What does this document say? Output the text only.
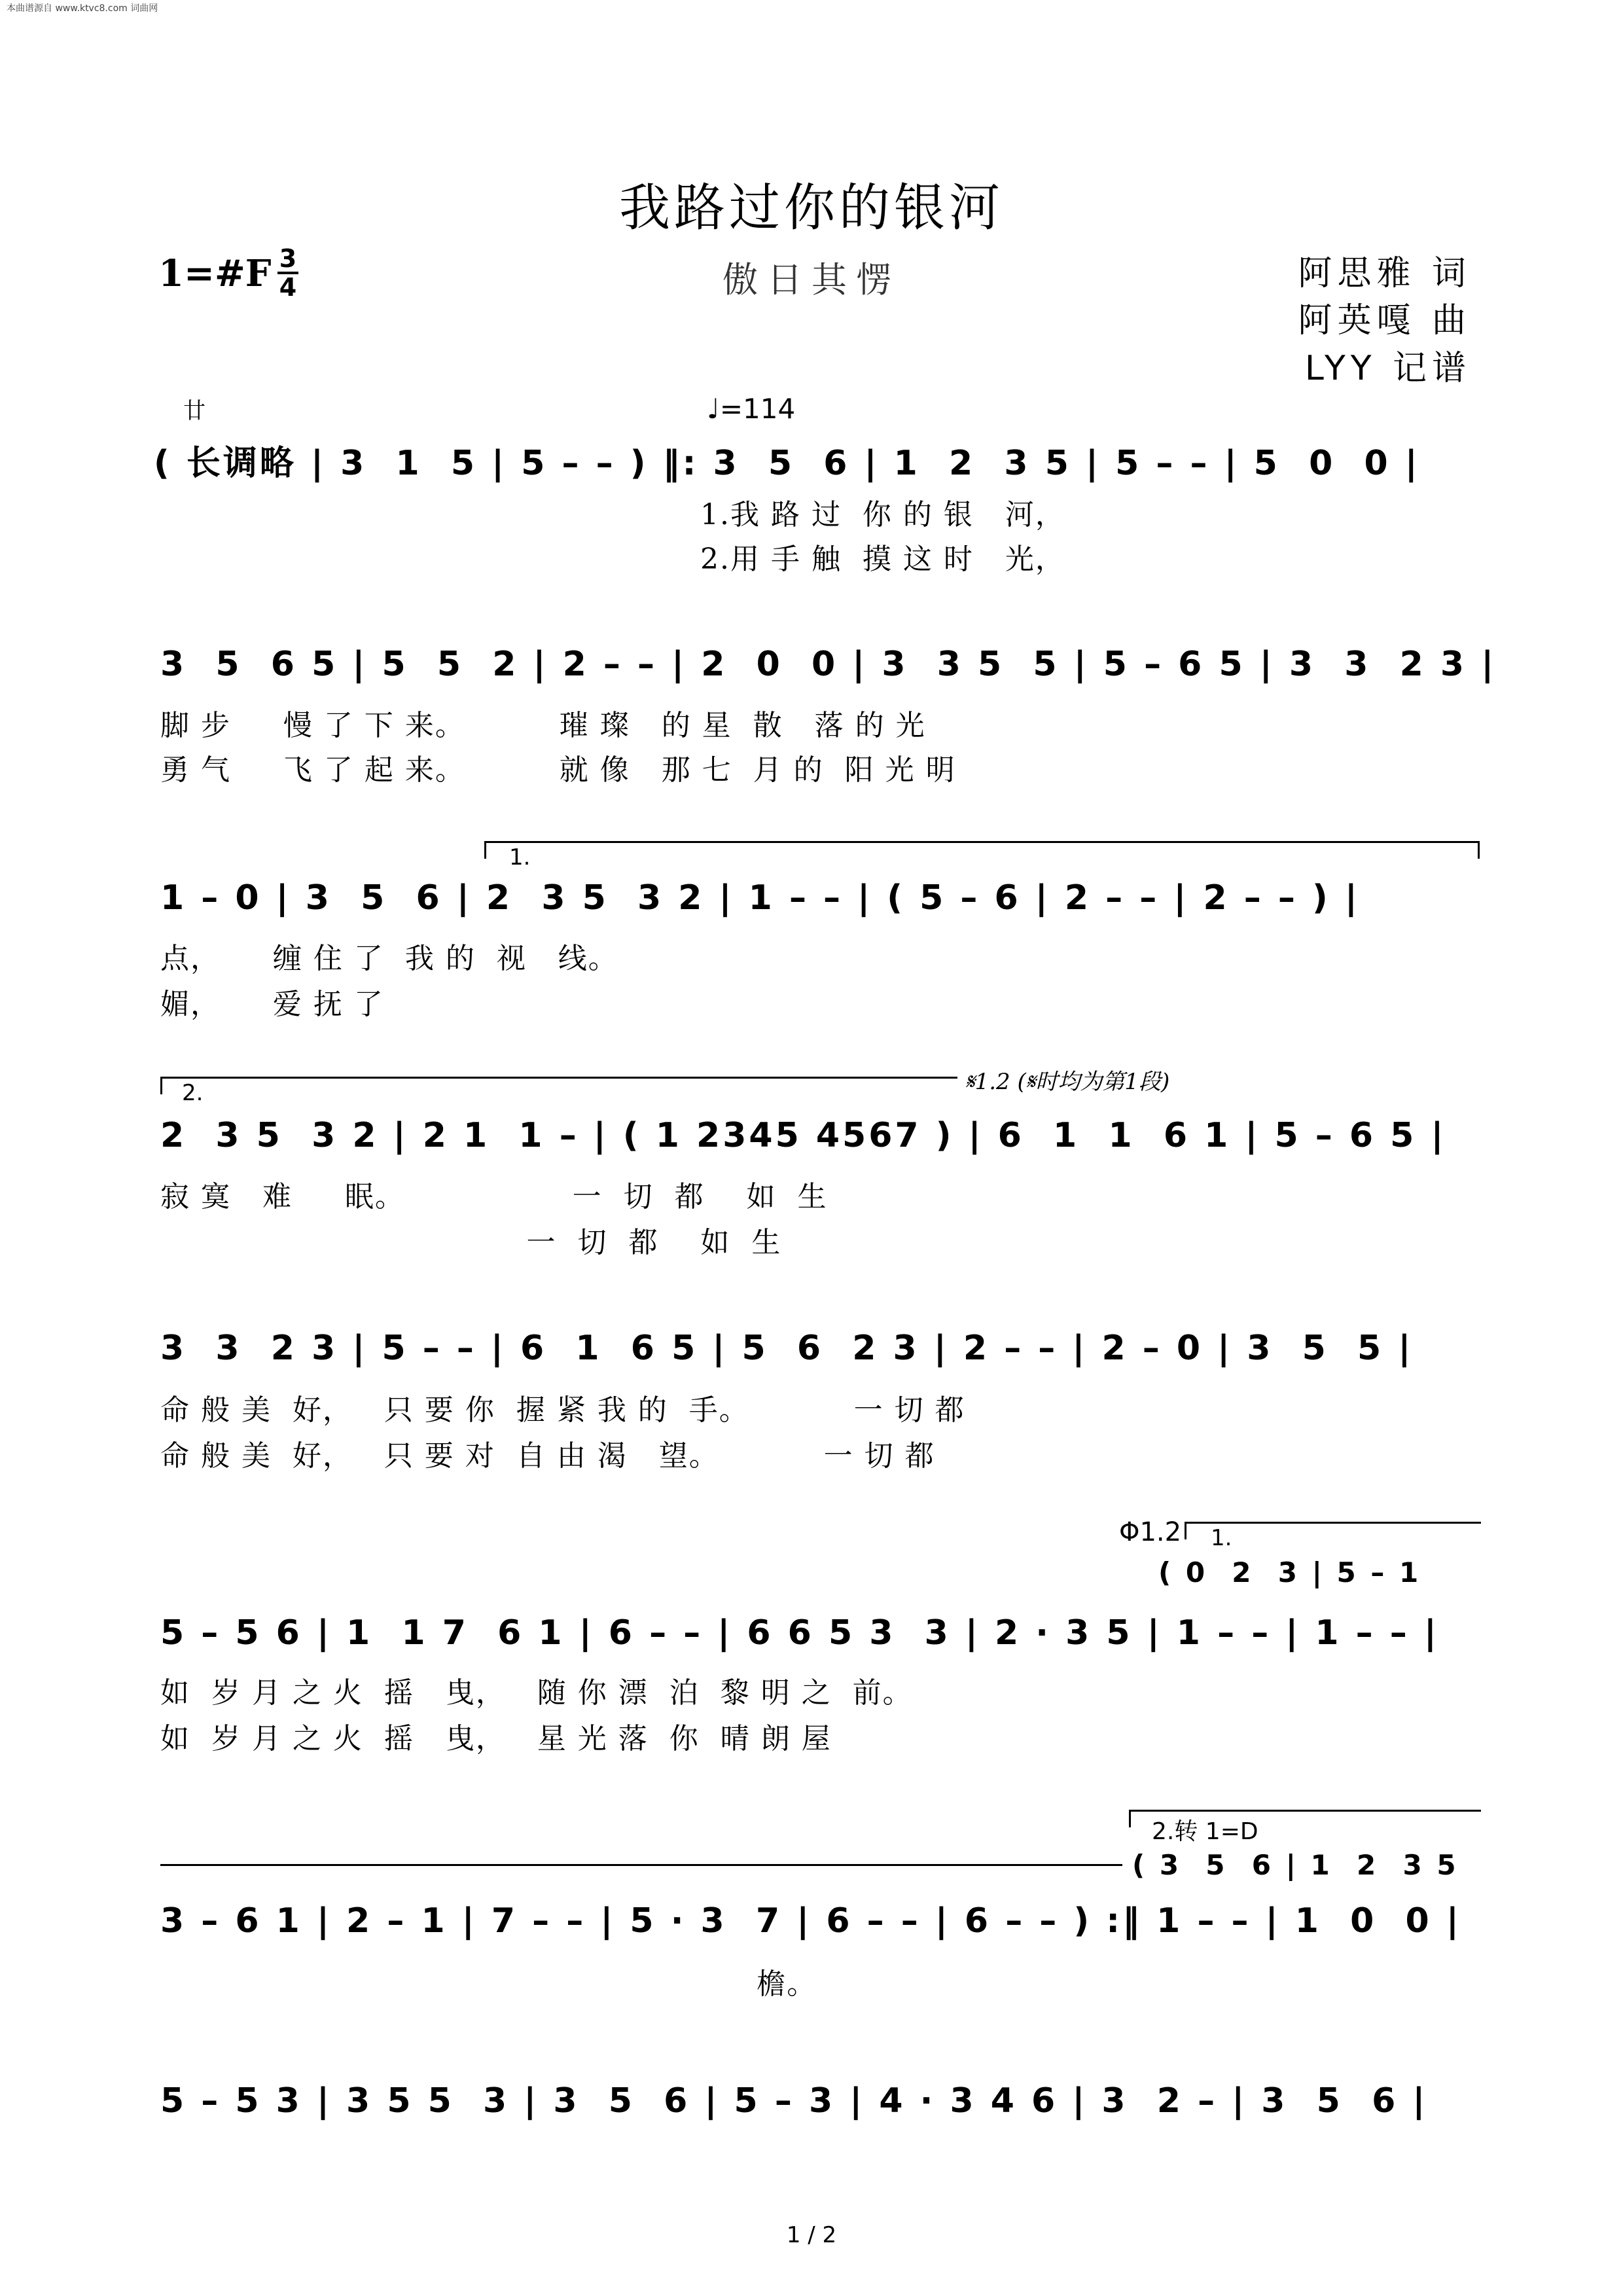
本曲谱源自 www.ktvc8.com 词曲网
我路过你的银河
傲日其愣
1=#F 3
4	阿思雅 词
阿英嘎 曲
LYY 记谱
廿	♩=114
( 长调略 | 3  1  5 | 5 – – ) ‖: 3  5  6 | 1  2  3 5 | 5 – – | 5  0  0 |
1.我 路 过  你 的 银   河，
2.用 手 触  摸 这 时   光，
3  5  6 5 | 5  5  2 | 2 – – | 2  0  0 | 3  3 5  5 | 5 – 6 5 | 3  3  2 3 |
脚 步     慢 了 下 来。         璀 璨   的 星  散   落 的 光
勇 气     飞 了 起 来。         就 像   那 七  月 的  阳 光 明
1.
1 – 0 | 3  5  6 | 2  3 5  3 2 | 1 – – | ( 5 – 6 | 2 – – | 2 – – ) |
点，     缠 住 了  我 的  视   线。
媚，     爱 抚 了
2.	𝄋1.2 (𝄋时均为第1段)
2  3 5  3 2 | 2 1  1 – | ( 1 2345 4567 ) | 6  1  1  6 1 | 5 – 6 5 |
寂 寞   难     眠。                一  切  都    如  生
一  切  都    如  生
3  3  2 3 | 5 – – | 6  1  6 5 | 5  6  2 3 | 2 – – | 2 – 0 | 3  5  5 |
命 般 美  好，   只 要 你  握 紧 我 的  手。          一 切 都
命 般 美  好，   只 要 对  自 由 渴   望。          一 切 都
Φ1.2 1.
( 0  2  3 | 5 – 1
5 – 5 6 | 1  1 7  6 1 | 6 – – | 6 6 5 3  3 | 2 · 3 5 | 1 – – | 1 – – |
如  岁 月 之 火  摇   曳，   随 你 漂  泊  黎 明 之  前。
如  岁 月 之 火  摇   曳，   星 光 落  你  晴 朗 屋
2.转 1=D
( 3  5  6 | 1  2  3 5
3 – 6 1 | 2 – 1 | 7 – – | 5 · 3  7 | 6 – – | 6 – – ) :‖ 1 – – | 1  0  0 |
檐。
5 – 5 3 | 3 5 5  3 | 3  5  6 | 5 – 3 | 4 · 3 4 6 | 3  2 – | 3  5  6 |
1 / 2
